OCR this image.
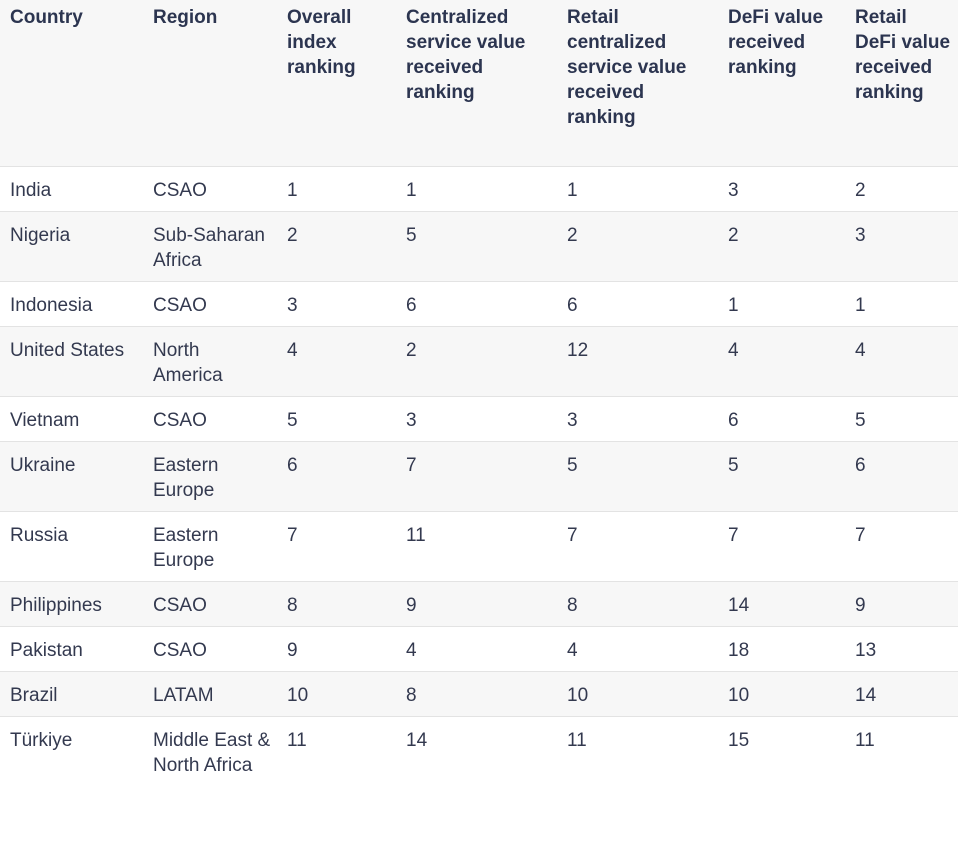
Country	Region	Overall index ranking	Centralized service value received ranking	Retail centralized service value received ranking	DeFi value received ranking	Retail DeFi value received ranking
India	CSAO	1	1	1	3	2
Nigeria	Sub-Saharan Africa	2	5	2	2	3
Indonesia	CSAO	3	6	6	1	1
United States	North America	4	2	12	4	4
Vietnam	CSAO	5	3	3	6	5
Ukraine	Eastern Europe	6	7	5	5	6
Russia	Eastern Europe	7	11	7	7	7
Philippines	CSAO	8	9	8	14	9
Pakistan	CSAO	9	4	4	18	13
Brazil	LATAM	10	8	10	10	14
Türkiye	Middle East & North Africa	11	14	11	15	11
